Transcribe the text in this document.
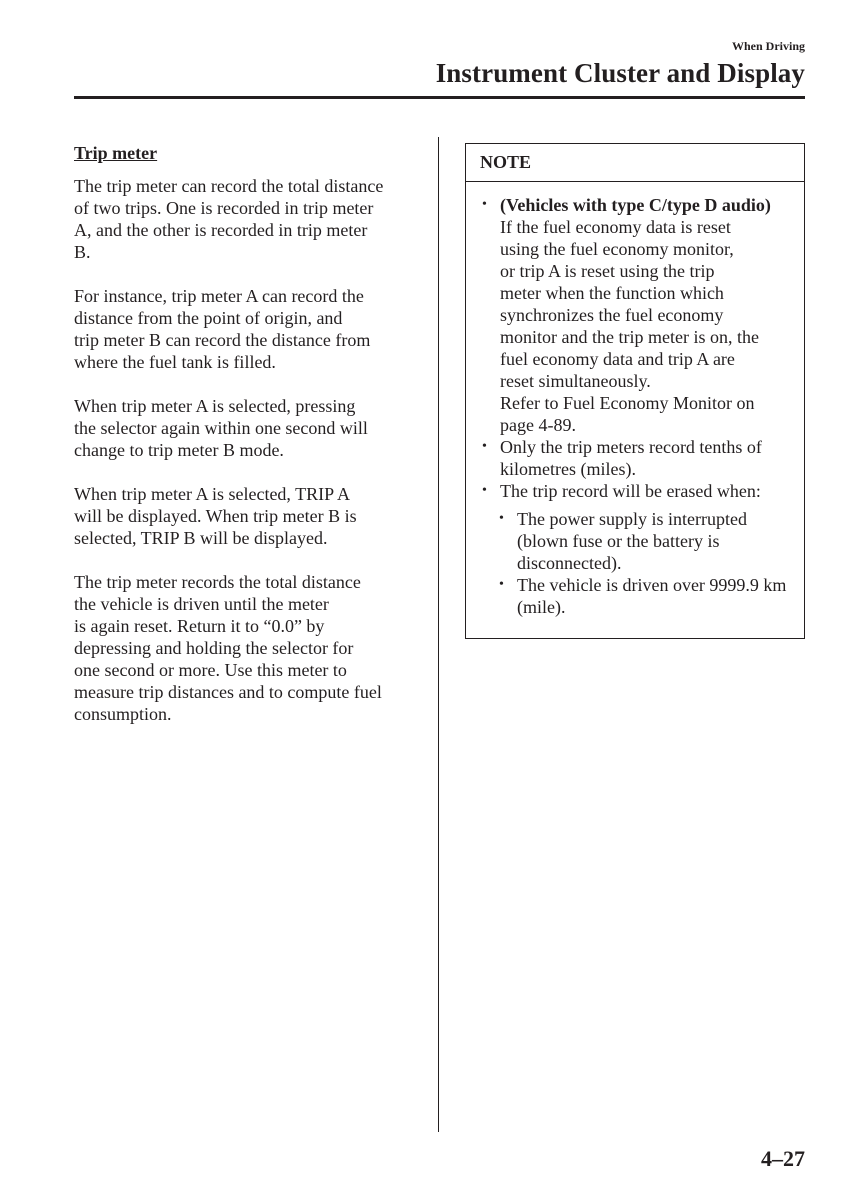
When Driving
Instrument Cluster and Display
Trip meter

The trip meter can record the total distance
of two trips. One is recorded in trip meter
A, and the other is recorded in trip meter
B.

For instance, trip meter A can record the
distance from the point of origin, and
trip meter B can record the distance from
where the fuel tank is filled.

When trip meter A is selected, pressing
the selector again within one second will
change to trip meter B mode.

When trip meter A is selected, TRIP A
will be displayed. When trip meter B is
selected, TRIP B will be displayed.

The trip meter records the total distance
the vehicle is driven until the meter
is again reset. Return it to “0.0” by
depressing and holding the selector for
one second or more. Use this meter to
measure trip distances and to compute fuel
consumption.

NOTE
• (Vehicles with type C/type D audio)
If the fuel economy data is reset
using the fuel economy monitor,
or trip A is reset using the trip
meter when the function which
synchronizes the fuel economy
monitor and the trip meter is on, the
fuel economy data and trip A are
reset simultaneously.
Refer to Fuel Economy Monitor on
page 4-89.
• Only the trip meters record tenths of
kilometres (miles).
• The trip record will be erased when:
• The power supply is interrupted (blown fuse or the battery is disconnected).
• The vehicle is driven over 9999.9 km (mile).
4–27
